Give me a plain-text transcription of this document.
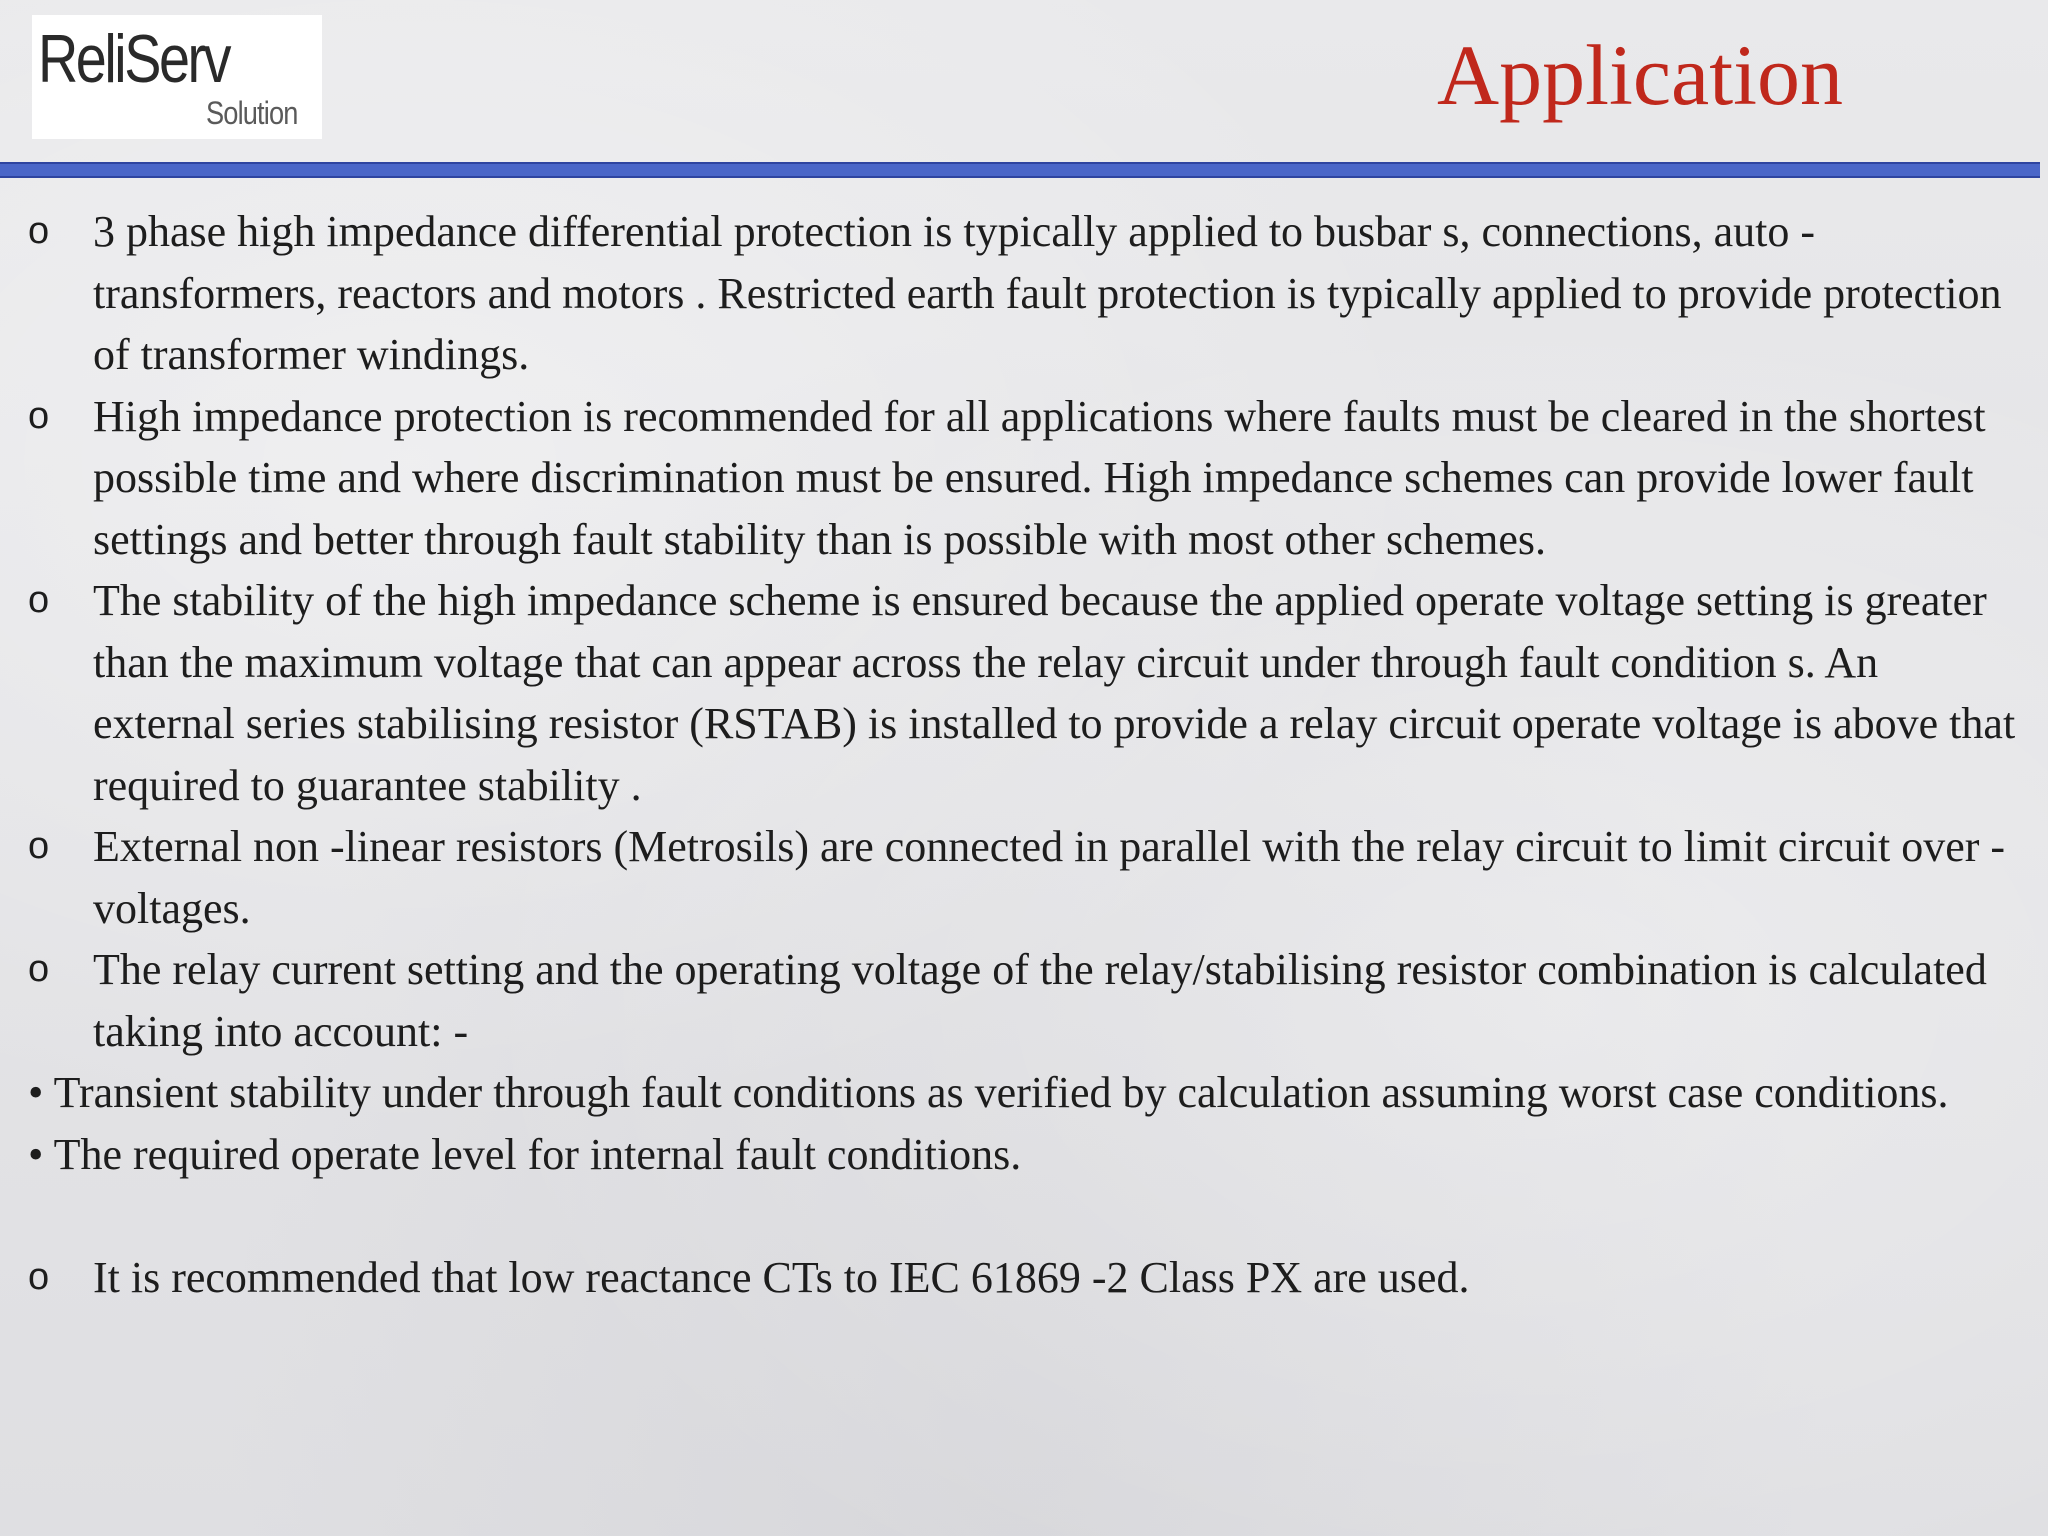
ReliServ
Solution	Application

o 3 phase high impedance differential protection is typically applied to busbar s, connections, auto - transformers, reactors and motors . Restricted earth fault protection is typically applied to provide protection of transformer windings.

o High impedance protection is recommended for all applications where faults must be cleared in the shortest possible time and where discrimination must be ensured. High impedance schemes can provide lower fault settings and better through fault stability than is possible with most other schemes.

o The stability of the high impedance scheme is ensured because the applied operate voltage setting is greater than the maximum voltage that can appear across the relay circuit under through fault condition s. An external series stabilising resistor (RSTAB) is installed to provide a relay circuit operate voltage is above that required to guarantee stability .

o External non -linear resistors (Metrosils) are connected in parallel with the relay circuit to limit circuit over -voltages.

o The relay current setting and the operating voltage of the relay/stabilising resistor combination is calculated taking into account: -

• Transient stability under through fault conditions as verified by calculation assuming worst case conditions.

• The required operate level for internal fault conditions.

o It is recommended that low reactance CTs to IEC 61869 -2 Class PX are used.
